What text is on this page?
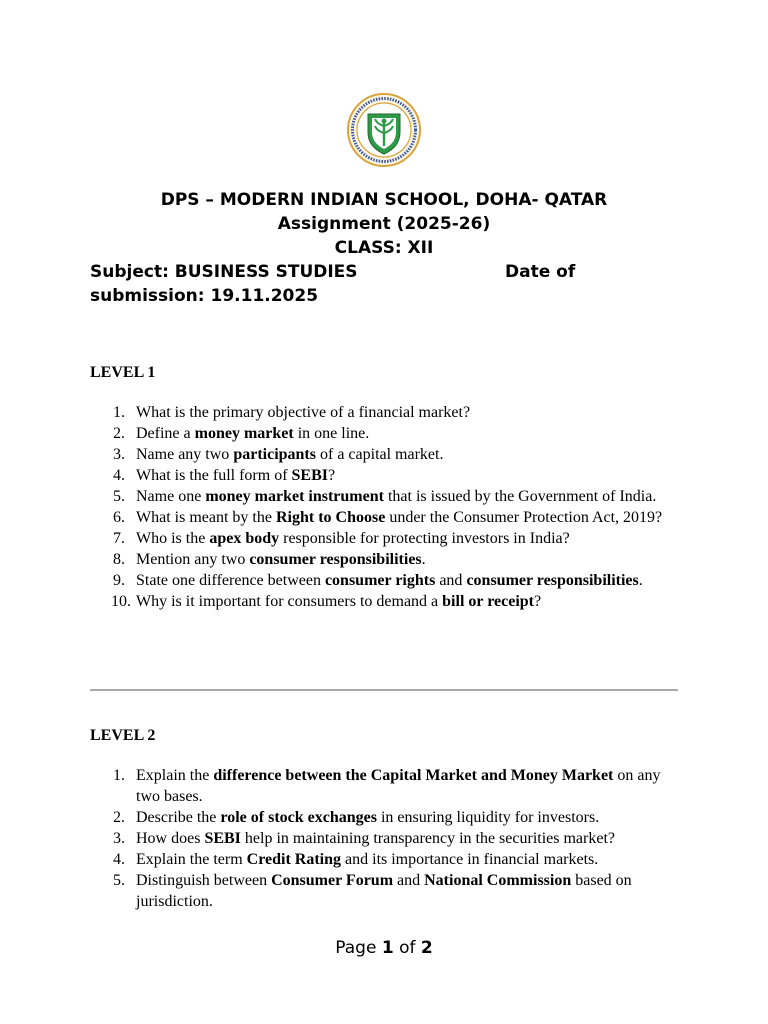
DPS – MODERN INDIAN SCHOOL, DOHA- QATAR
Assignment (2025-26)
CLASS: XII
Subject: BUSINESS STUDIES	Date of
submission: 19.11.2025
LEVEL 1
1. What is the primary objective of a financial market?
2. Define a money market in one line.
3. Name any two participants of a capital market.
4. What is the full form of SEBI?
5. Name one money market instrument that is issued by the Government of India.
6. What is meant by the Right to Choose under the Consumer Protection Act, 2019?
7. Who is the apex body responsible for protecting investors in India?
8. Mention any two consumer responsibilities.
9. State one difference between consumer rights and consumer responsibilities.
10. Why is it important for consumers to demand a bill or receipt?
LEVEL 2
1. Explain the difference between the Capital Market and Money Market on any two bases.
2. Describe the role of stock exchanges in ensuring liquidity for investors.
3. How does SEBI help in maintaining transparency in the securities market?
4. Explain the term Credit Rating and its importance in financial markets.
5. Distinguish between Consumer Forum and National Commission based on jurisdiction.
Page 1 of 2
